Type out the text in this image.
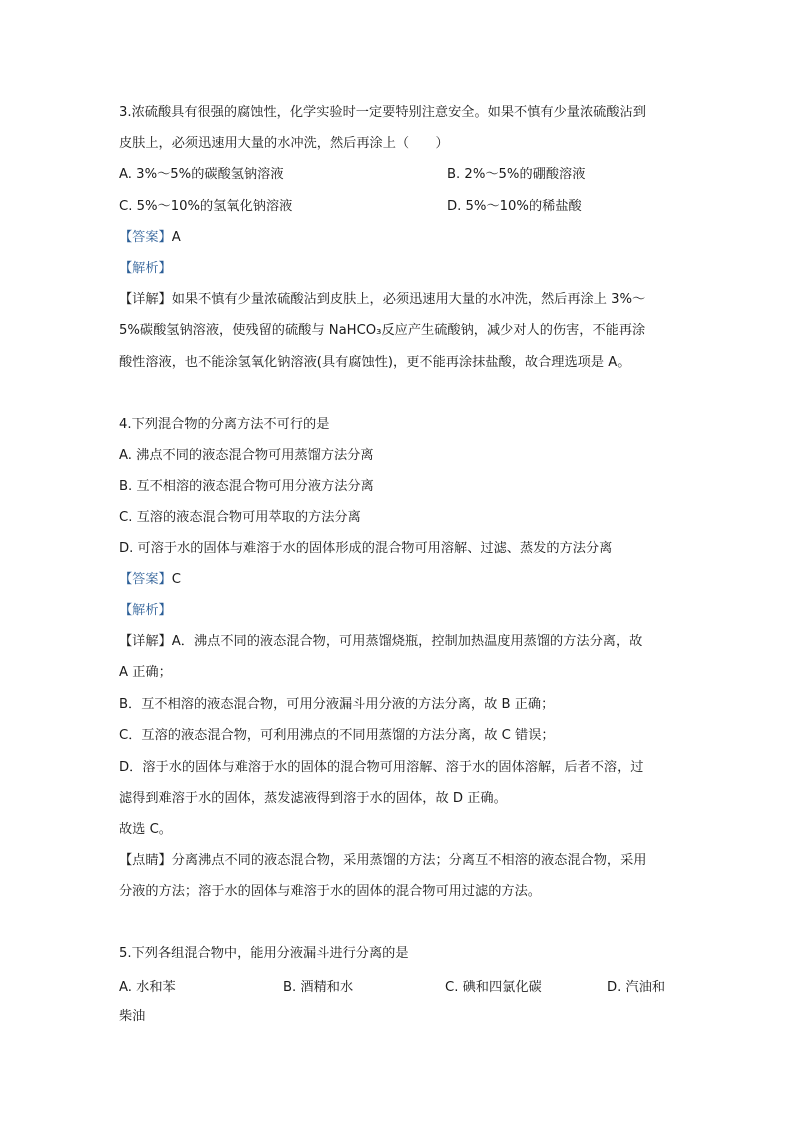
3.浓硫酸具有很强的腐蚀性，化学实验时一定要特别注意安全。如果不慎有少量浓硫酸沾到
皮肤上，必须迅速用大量的水冲洗，然后再涂上（　　）
A. 3%～5%的碳酸氢钠溶液	B. 2%～5%的硼酸溶液
C. 5%～10%的氢氧化钠溶液	D. 5%～10%的稀盐酸
【答案】A
【解析】
【详解】如果不慎有少量浓硫酸沾到皮肤上，必须迅速用大量的水冲洗，然后再涂上 3%～
5%碳酸氢钠溶液，使残留的硫酸与 NaHCO₃反应产生硫酸钠，减少对人的伤害，不能再涂
酸性溶液，也不能涂氢氧化钠溶液(具有腐蚀性)，更不能再涂抹盐酸，故合理选项是 A。
4.下列混合物的分离方法不可行的是
A. 沸点不同的液态混合物可用蒸馏方法分离
B. 互不相溶的液态混合物可用分液方法分离
C. 互溶的液态混合物可用萃取的方法分离
D. 可溶于水的固体与难溶于水的固体形成的混合物可用溶解、过滤、蒸发的方法分离
【答案】C
【解析】
【详解】A．沸点不同的液态混合物，可用蒸馏烧瓶，控制加热温度用蒸馏的方法分离，故
A 正确；
B．互不相溶的液态混合物，可用分液漏斗用分液的方法分离，故 B 正确；
C．互溶的液态混合物，可利用沸点的不同用蒸馏的方法分离，故 C 错误；
D．溶于水的固体与难溶于水的固体的混合物可用溶解、溶于水的固体溶解，后者不溶，过
滤得到难溶于水的固体，蒸发滤液得到溶于水的固体，故 D 正确。
故选 C。
【点睛】分离沸点不同的液态混合物，采用蒸馏的方法；分离互不相溶的液态混合物，采用
分液的方法；溶于水的固体与难溶于水的固体的混合物可用过滤的方法。
5.下列各组混合物中，能用分液漏斗进行分离的是
A. 水和苯	B. 酒精和水	C. 碘和四氯化碳	D. 汽油和
柴油
